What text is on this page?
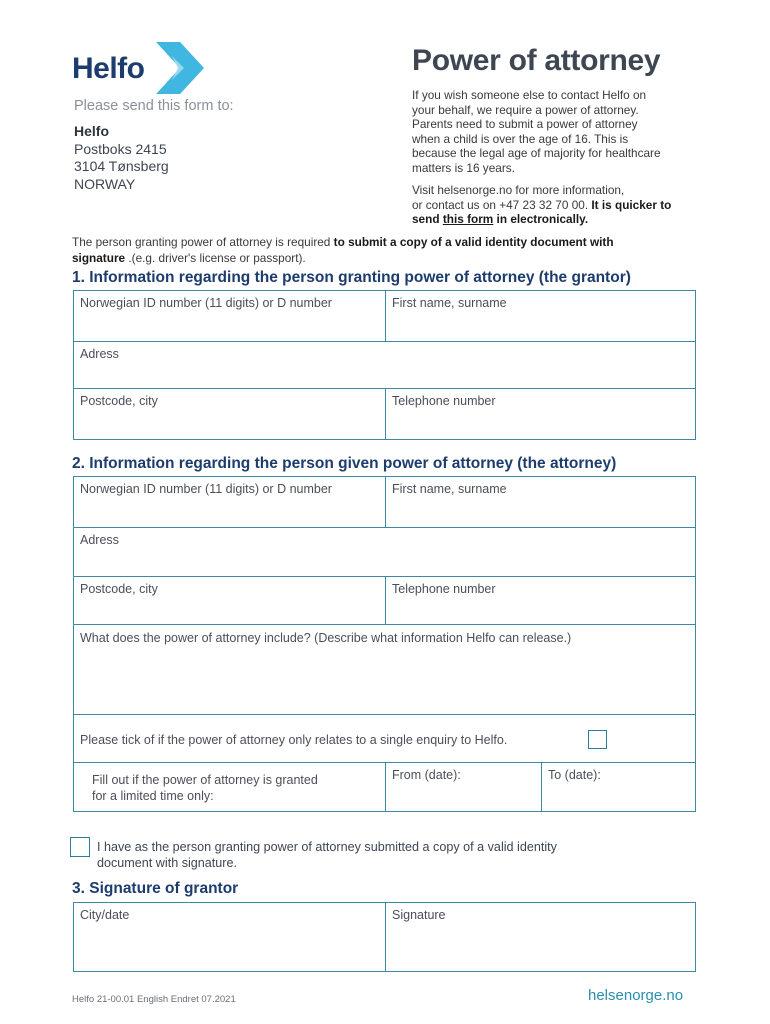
Helfo
Please send this form to:
Helfo
Postboks 2415
3104 Tønsberg
NORWAY
Power of attorney
If you wish someone else to contact Helfo on
your behalf, we require a power of attorney.
Parents need to submit a power of attorney
when a child is over the age of 16. This is
because the legal age of majority for healthcare
matters is 16 years.
Visit helsenorge.no for more information,
or contact us on +47 23 32 70 00. It is quicker to
send this form in electronically.
The person granting power of attorney is required to submit a copy of a valid identity document with
signature .(e.g. driver's license or passport).
1. Information regarding the person granting power of attorney (the grantor)
Norwegian ID number (11 digits) or D number	First name, surname
Adress
Postcode, city	Telephone number
2. Information regarding the person given power of attorney (the attorney)
Norwegian ID number (11 digits) or D number	First name, surname
Adress
Postcode, city	Telephone number
What does the power of attorney include? (Describe what information Helfo can release.)
Please tick of if the power of attorney only relates to a single enquiry to Helfo.
Fill out if the power of attorney is granted
for a limited time only:
From (date):	To (date):
I have as the person granting power of attorney submitted a copy of a valid identity
document with signature.
3. Signature of grantor
City/date	Signature
Helfo 21-00.01 English Endret 07.2021	helsenorge.no
